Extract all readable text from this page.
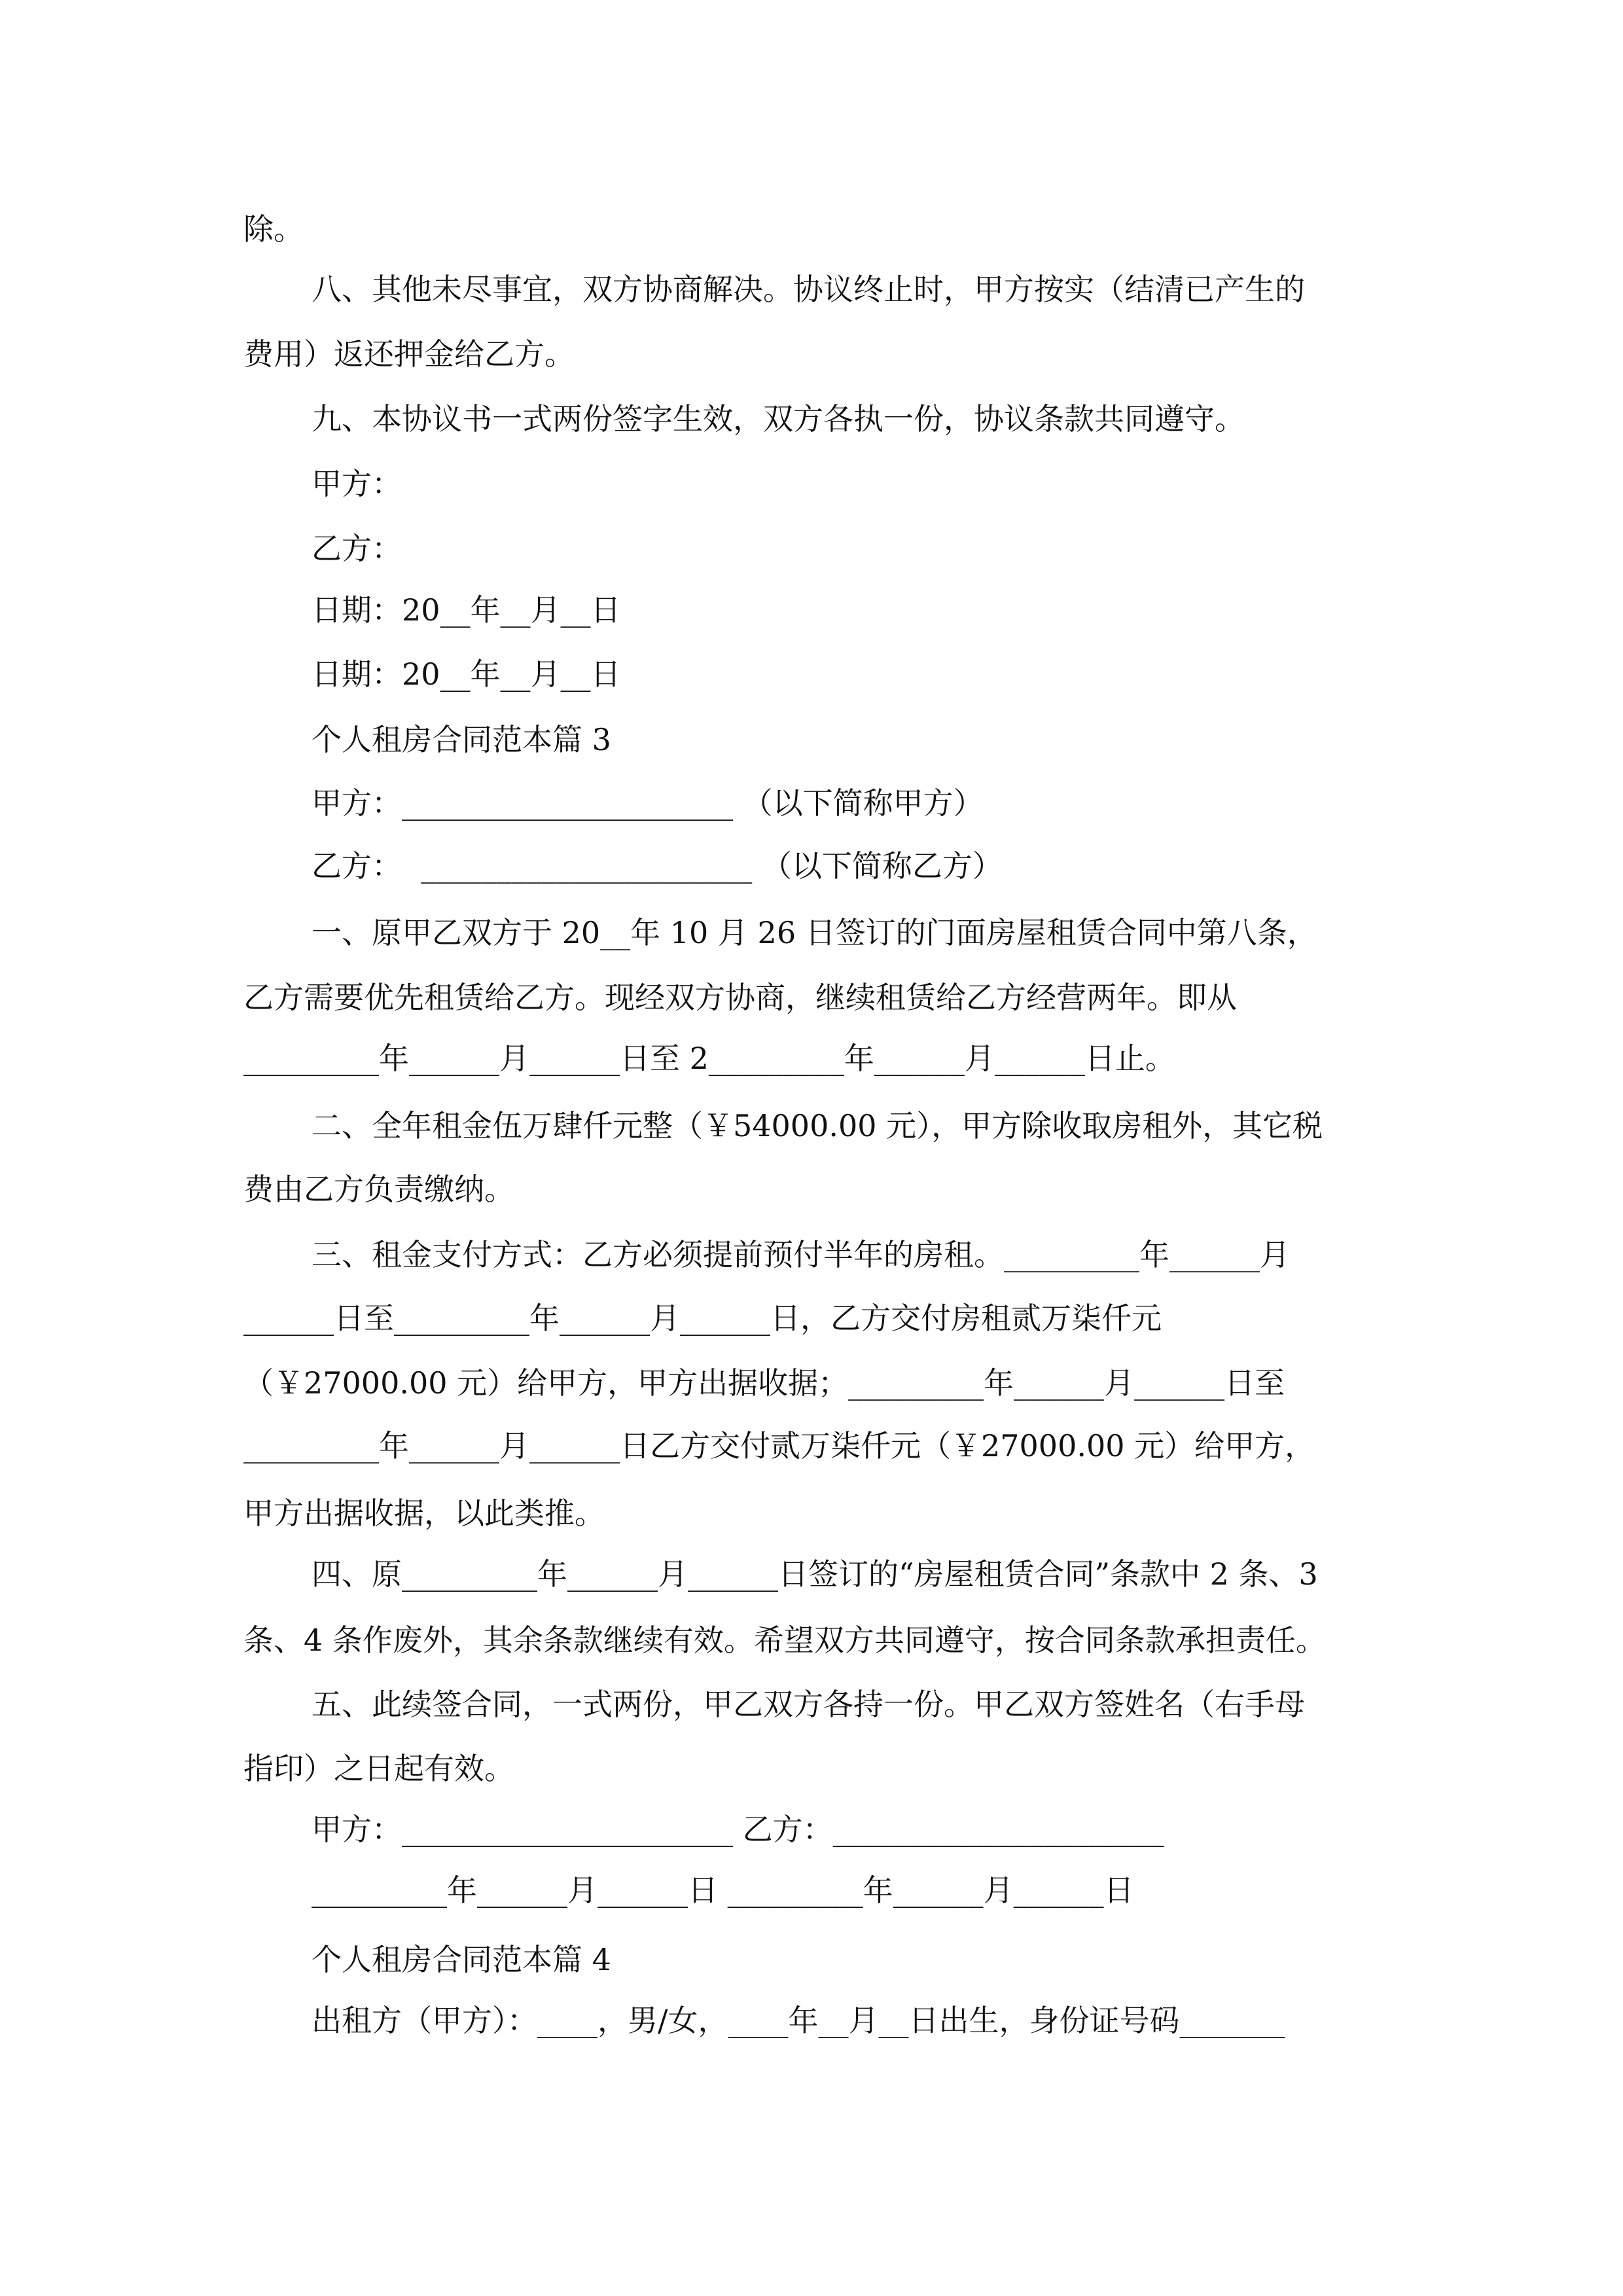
除。
八、其他未尽事宜，双方协商解决。协议终止时，甲方按实（结清已产生的
费用）返还押金给乙方。
九、本协议书一式两份签字生效，双方各执一份，协议条款共同遵守。
甲方：
乙方：
日期：20__年__月__日
日期：20__年__月__日
个人租房合同范本篇 3
甲方：______________________ （以下简称甲方）
乙方：  ______________________ （以下简称乙方）
一、原甲乙双方于 20__年 10 月 26 日签订的门面房屋租赁合同中第八条，
乙方需要优先租赁给乙方。现经双方协商，继续租赁给乙方经营两年。即从
_________年______月______日至 2_________年______月______日止。
二、全年租金伍万肆仟元整（￥54000.00 元），甲方除收取房租外，其它税
费由乙方负责缴纳。
三、租金支付方式：乙方必须提前预付半年的房租。_________年______月
______日至_________年______月______日，乙方交付房租贰万柒仟元
（￥27000.00 元）给甲方，甲方出据收据；_________年______月______日至
_________年______月______日乙方交付贰万柒仟元（￥27000.00 元）给甲方，
甲方出据收据，以此类推。
四、原_________年______月______日签订的“房屋租赁合同”条款中 2 条、3
条、4 条作废外，其余条款继续有效。希望双方共同遵守，按合同条款承担责任。
五、此续签合同，一式两份，甲乙双方各持一份。甲乙双方签姓名（右手母
指印）之日起有效。
甲方：______________________ 乙方：______________________
_________年______月______日 _________年______月______日
个人租房合同范本篇 4
出租方（甲方）：____，男/女，____年__月__日出生，身份证号码_______
